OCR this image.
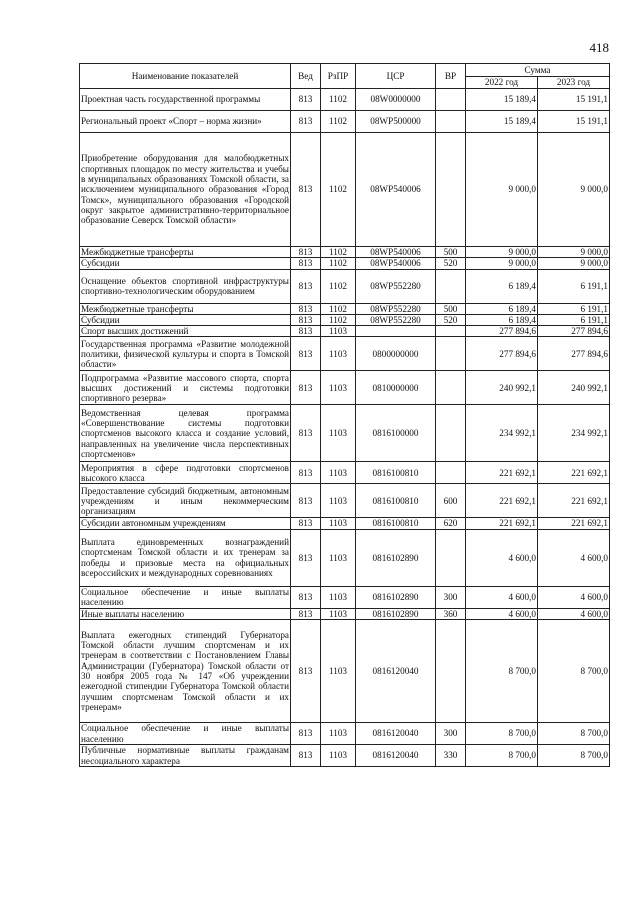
418
Наименование показателей	Вед	РзПР	ЦСР	ВР	Сумма	
					2022 год	2023 год
Проектная часть государственной программы	813	1102	08W0000000		15 189,4	15 191,1
Региональный проект «Спорт – норма жизни»	813	1102	08WP500000		15 189,4	15 191,1
Приобретение оборудования для малобюджетных спортивных площадок по месту жительства и учебы в муниципальных образованиях Томской области, за исключением муниципального образования «Город Томск», муниципального образования «Городской округ закрытое административно-территориальное образование Северск Томской области»	813	1102	08WP540006		9 000,0	9 000,0
Межбюджетные трансферты	813	1102	08WP540006	500	9 000,0	9 000,0
Субсидии	813	1102	08WP540006	520	9 000,0	9 000,0
Оснащение объектов спортивной инфраструктуры спортивно-технологическим оборудованием	813	1102	08WP552280		6 189,4	6 191,1
Межбюджетные трансферты	813	1102	08WP552280	500	6 189,4	6 191,1
Субсидии	813	1102	08WP552280	520	6 189,4	6 191,1
Спорт высших достижений	813	1103			277 894,6	277 894,6
Государственная программа «Развитие молодежной политики, физической культуры и спорта в Томской области»	813	1103	0800000000		277 894,6	277 894,6
Подпрограмма «Развитие массового спорта, спорта высших достижений и системы подготовки спортивного резерва»	813	1103	0810000000		240 992,1	240 992,1
Ведомственная целевая программа «Совершенствование системы подготовки спортсменов высокого класса и создание условий, направленных на увеличение числа перспективных спортсменов»	813	1103	0816100000		234 992,1	234 992,1
Мероприятия в сфере подготовки спортсменов высокого класса	813	1103	0816100810		221 692,1	221 692,1
Предоставление субсидий бюджетным, автономным учреждениям и иным некоммерческим организациям	813	1103	0816100810	600	221 692,1	221 692,1
Субсидии автономным учреждениям	813	1103	0816100810	620	221 692,1	221 692,1
Выплата единовременных вознаграждений спортсменам Томской области и их тренерам за победы и призовые места на официальных всероссийских и международных соревнованиях	813	1103	0816102890		4 600,0	4 600,0
Социальное обеспечение и иные выплаты населению	813	1103	0816102890	300	4 600,0	4 600,0
Иные выплаты населению	813	1103	0816102890	360	4 600,0	4 600,0
Выплата ежегодных стипендий Губернатора Томской области лучшим спортсменам и их тренерам в соответствии с Постановлением Главы Администрации (Губернатора) Томской области от 30 ноября 2005 года № 147 «Об учреждении ежегодной стипендии Губернатора Томской области лучшим спортсменам Томской области и их тренерам»	813	1103	0816120040		8 700,0	8 700,0
Социальное обеспечение и иные выплаты населению	813	1103	0816120040	300	8 700,0	8 700,0
Публичные нормативные выплаты гражданам несоциального характера	813	1103	0816120040	330	8 700,0	8 700,0
